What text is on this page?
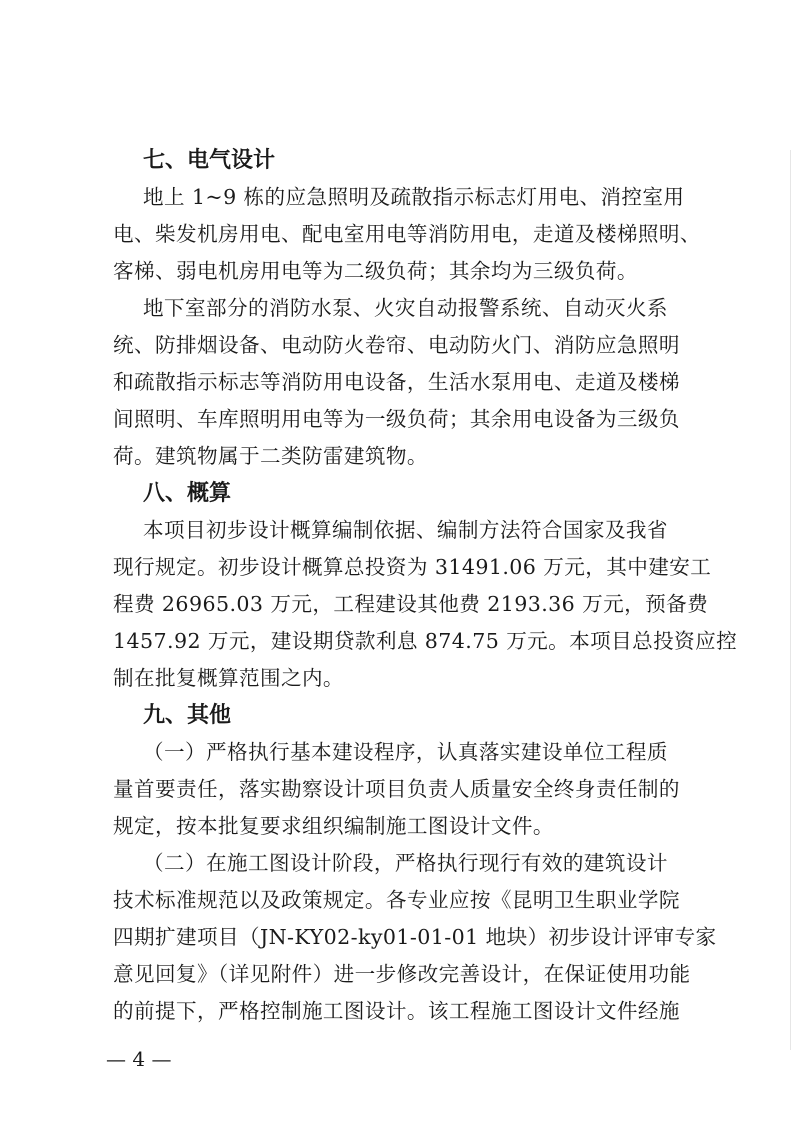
七、电气设计
地上 1~9 栋的应急照明及疏散指示标志灯用电、消控室用
电、柴发机房用电、配电室用电等消防用电，走道及楼梯照明、
客梯、弱电机房用电等为二级负荷；其余均为三级负荷。
地下室部分的消防水泵、火灾自动报警系统、自动灭火系
统、防排烟设备、电动防火卷帘、电动防火门、消防应急照明
和疏散指示标志等消防用电设备，生活水泵用电、走道及楼梯
间照明、车库照明用电等为一级负荷；其余用电设备为三级负
荷。建筑物属于二类防雷建筑物。
八、概算
本项目初步设计概算编制依据、编制方法符合国家及我省
现行规定。初步设计概算总投资为 31491.06 万元，其中建安工
程费 26965.03 万元，工程建设其他费 2193.36 万元，预备费
1457.92 万元，建设期贷款利息 874.75 万元。本项目总投资应控
制在批复概算范围之内。
九、其他
（一）严格执行基本建设程序，认真落实建设单位工程质
量首要责任，落实勘察设计项目负责人质量安全终身责任制的
规定，按本批复要求组织编制施工图设计文件。
（二）在施工图设计阶段，严格执行现行有效的建筑设计
技术标准规范以及政策规定。各专业应按《昆明卫生职业学院
四期扩建项目（JN-KY02-ky01-01-01 地块）初步设计评审专家
意见回复》（详见附件）进一步修改完善设计，在保证使用功能
的前提下，严格控制施工图设计。该工程施工图设计文件经施
— 4 —
